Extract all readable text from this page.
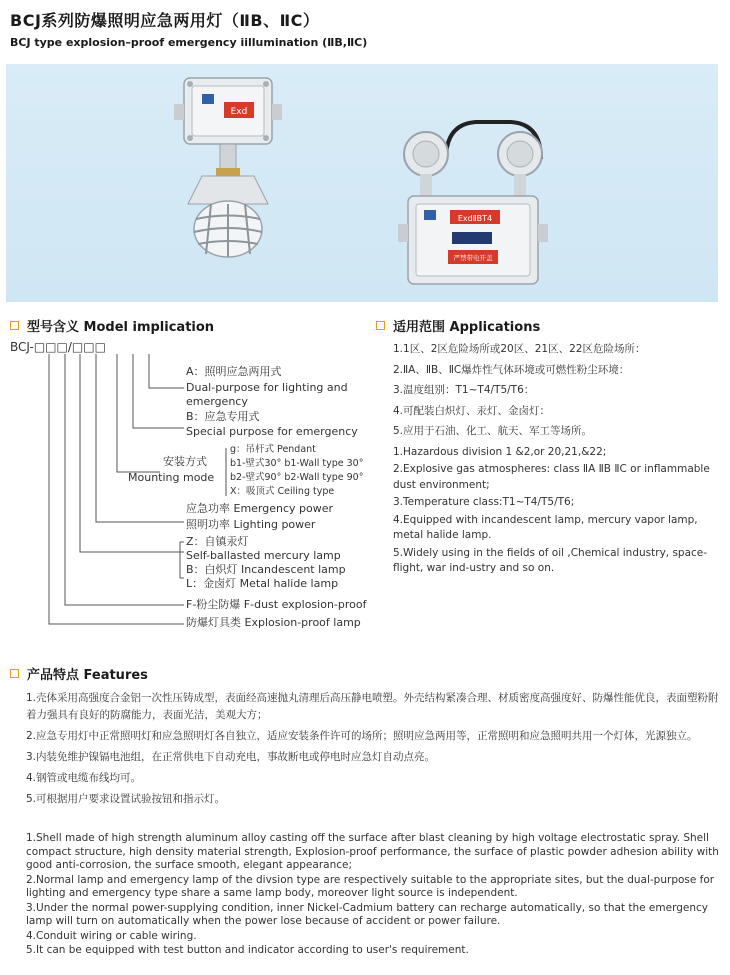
BCJ系列防爆照明应急两用灯（ⅡB、ⅡC）
BCJ type explosion–proof emergency iillumination (ⅡB,ⅡC)
Exd
ExdⅡBT4
严禁带电开盖
型号含义 Model implication
BCJ-□□□/□□□
A：照明应急两用式
Dual-purpose for lighting and
emergency
B：应急专用式
Special purpose for emergency
安装方式
Mounting mode
g：吊杆式 Pendant
b1-壁式30° b1-Wall type 30°
b2-壁式90° b2-Wall type 90°
X：吸顶式 Ceiling type
应急功率 Emergency power
照明功率 Lighting power
Z：自镇汞灯
Self-ballasted mercury lamp
B：白炽灯 Incandescent lamp
L：金卤灯 Metal halide lamp
F-粉尘防爆 F-dust explosion-proof
防爆灯具类 Explosion-proof lamp
适用范围 Applications
1.1区、2区危险场所或20区、21区、22区危险场所：
2.ⅡA、ⅡB、ⅡC爆炸性气体环境或可燃性粉尘环境：
3.温度组别：T1~T4/T5/T6：
4.可配装白炽灯、汞灯、金卤灯：
5.应用于石油、化工、航天、军工等场所。
1.Hazardous division 1 &2,or 20,21,&22;
2.Explosive gas atmospheres: class ⅡA ⅡB ⅡC or inflammable dust environment;
3.Temperature class:T1~T4/T5/T6;
4.Equipped with incandescent lamp, mercury vapor lamp, metal halide lamp.
5.Widely using in the fields of oil ,Chemical industry, space-flight, war ind-ustry and so on.
产品特点 Features
1.壳体采用高强度合金铝一次性压铸成型，表面经高速抛丸清理后高压静电喷塑。外壳结构紧凑合理、材质密度高强度好、防爆性能优良，表面塑粉附着力强具有良好的防腐能力，表面光洁，美观大方；
2.应急专用灯中正常照明灯和应急照明灯各自独立，适应安装条件许可的场所；照明应急两用等，正常照明和应急照明共用一个灯体，光源独立。
3.内装免维护镍镉电池组，在正常供电下自动充电，事故断电或停电时应急灯自动点亮。
4.钢管或电缆布线均可。
5.可根据用户要求设置试验按钮和指示灯。
1.Shell made of high strength aluminum alloy casting off the surface after blast cleaning by high voltage electrostatic spray. Shell compact structure, high density material strength, Explosion-proof performance, the surface of plastic powder adhesion ability with good anti-corrosion, the surface smooth, elegant appearance;
2.Normal lamp and emergency lamp of the divsion type are respectively suitable to the appropriate sites, but the dual-purpose for lighting and emergency type share a same lamp body, moreover light source is independent.
3.Under the normal power-supplying condition, inner Nickel-Cadmium battery can recharge automatically, so that the emergency lamp will turn on automatically when the power lose because of accident or power failure.
4.Conduit wiring or cable wiring.
5.It can be equipped with test button and indicator according to user's requirement.
